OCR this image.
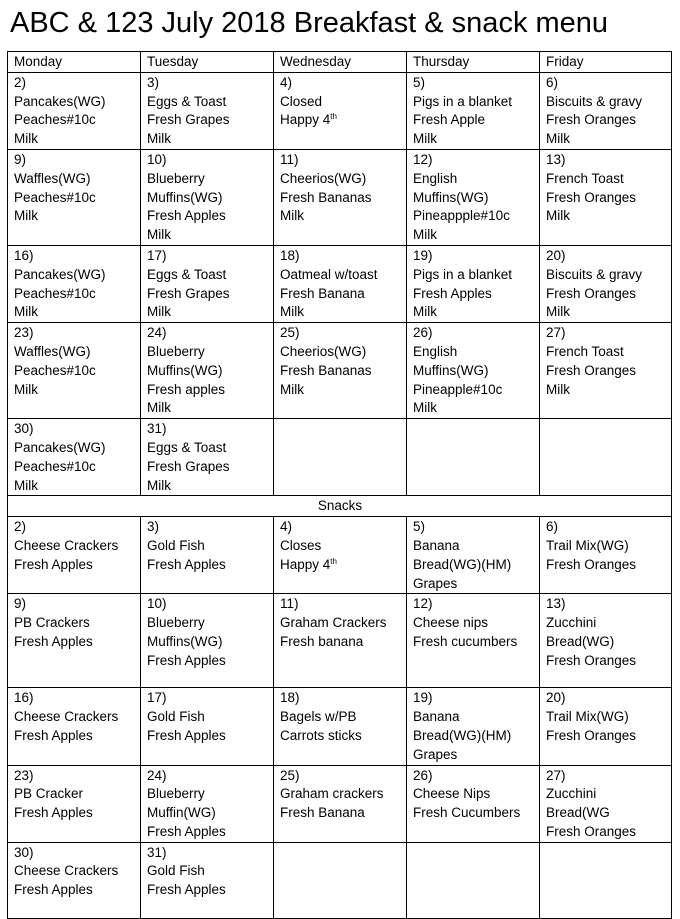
ABC & 123 July 2018 Breakfast & snack menu
Monday	Tuesday	Wednesday	Thursday	Friday

2)
Pancakes(WG)
Peaches#10c
Milk	3)
Eggs & Toast
Fresh Grapes
Milk	4)
Closed
Happy 4th	5)
Pigs in a blanket
Fresh Apple
Milk	6)
Biscuits & gravy
Fresh Oranges
Milk

9)
Waffles(WG)
Peaches#10c
Milk	10)
Blueberry
Muffins(WG)
Fresh Apples
Milk	11)
Cheerios(WG)
Fresh Bananas
Milk	12)
English
Muffins(WG)
Pineappple#10c
Milk	13)
French Toast
Fresh Oranges
Milk

16)
Pancakes(WG)
Peaches#10c
Milk	17)
Eggs & Toast
Fresh Grapes
Milk	18)
Oatmeal w/toast
Fresh Banana
Milk	19)
Pigs in a blanket
Fresh Apples
Milk	20)
Biscuits & gravy
Fresh Oranges
Milk

23)
Waffles(WG)
Peaches#10c
Milk	24)
Blueberry
Muffins(WG)
Fresh apples
Milk	25)
Cheerios(WG)
Fresh Bananas
Milk	26)
English
Muffins(WG)
Pineapple#10c
Milk	27)
French Toast
Fresh Oranges
Milk

30)
Pancakes(WG)
Peaches#10c
Milk	31)
Eggs & Toast
Fresh Grapes
Milk			

Snacks				

2)
Cheese Crackers
Fresh Apples	3)
Gold Fish
Fresh Apples	4)
Closes
Happy 4th	5)
Banana
Bread(WG)(HM)
Grapes	6)
Trail Mix(WG)
Fresh Oranges

9)
PB Crackers
Fresh Apples	10)
Blueberry
Muffins(WG)
Fresh Apples	11)
Graham Crackers
Fresh banana	12)
Cheese nips
Fresh cucumbers	13)
Zucchini
Bread(WG)
Fresh Oranges

16)
Cheese Crackers
Fresh Apples	17)
Gold Fish
Fresh Apples	18)
Bagels w/PB
Carrots sticks	19)
Banana
Bread(WG)(HM)
Grapes	20)
Trail Mix(WG)
Fresh Oranges

23)
PB Cracker
Fresh Apples	24)
Blueberry
Muffin(WG)
Fresh Apples	25)
Graham crackers
Fresh Banana	26)
Cheese Nips
Fresh Cucumbers	27)
Zucchini
Bread(WG
Fresh Oranges

30)
Cheese Crackers
Fresh Apples	31)
Gold Fish
Fresh Apples			
